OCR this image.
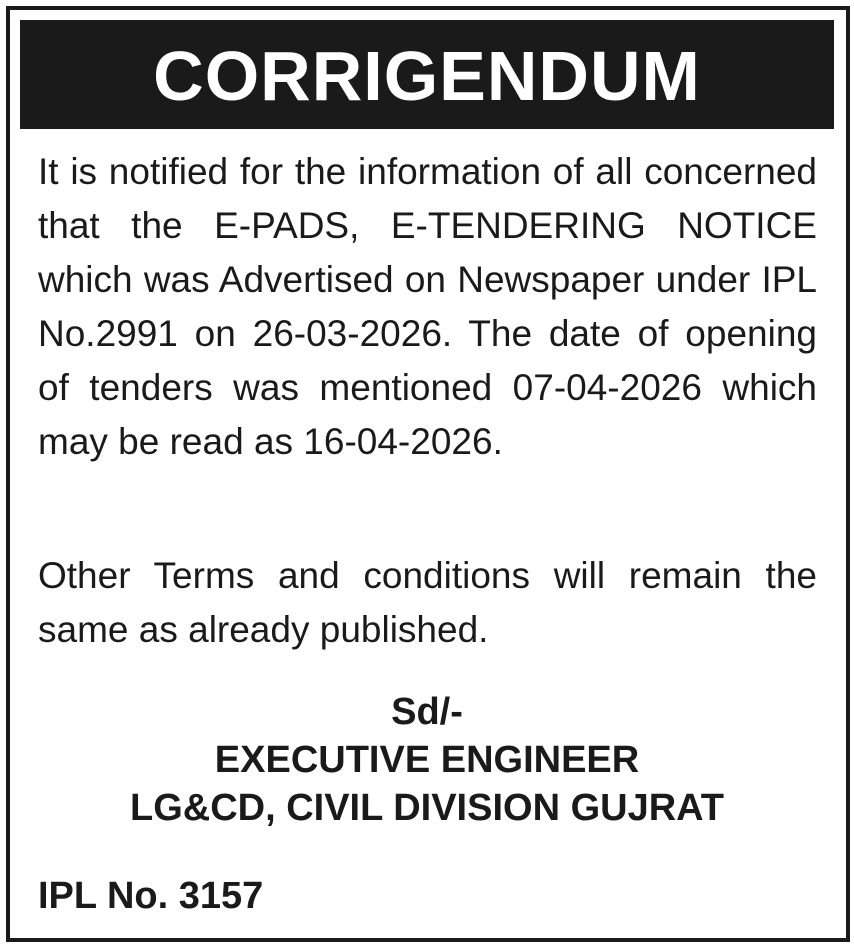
CORRIGENDUM

It is notified for the information of all concerned that the E-PADS, E-TENDERING NOTICE which was Advertised on Newspaper under IPL No.2991 on 26-03-2026. The date of opening of tenders was mentioned 07-04-2026 which may be read as 16-04-2026.

Other Terms and conditions will remain the same as already published.

Sd/-
EXECUTIVE ENGINEER
LG&CD, CIVIL DIVISION GUJRAT
IPL No. 3157
